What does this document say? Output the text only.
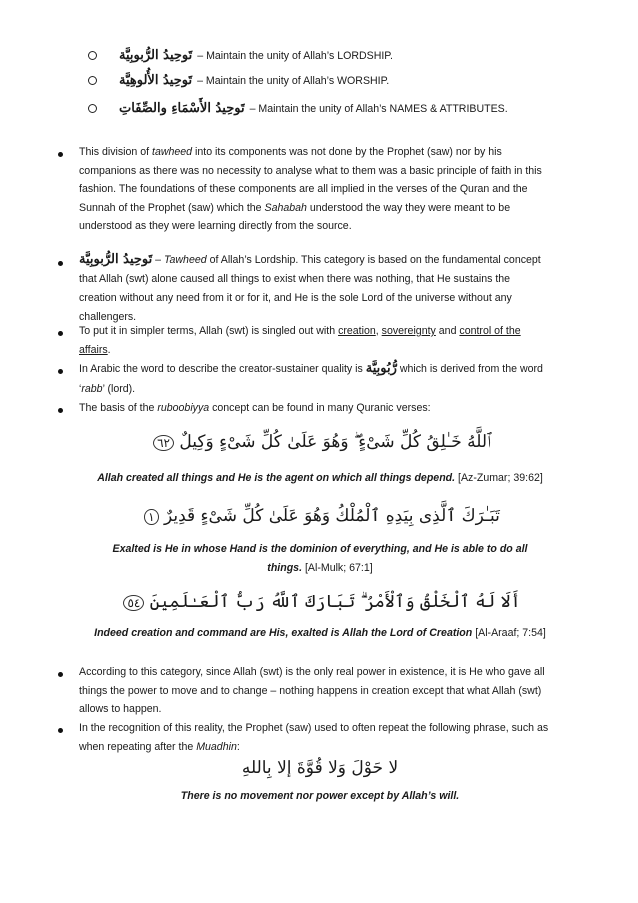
تَوحِيدُ الرُّبوبِيَّة – Maintain the unity of Allah’s LORDSHIP.
تَوحِيدُ الأُلوهِيَّة – Maintain the unity of Allah’s WORSHIP.
تَوحِيدُ الأَسْمَاءِ والصِّفَاتِ – Maintain the unity of Allah’s NAMES & ATTRIBUTES.
This division of tawheed into its components was not done by the Prophet (saw) nor by his companions as there was no necessity to analyse what to them was a basic principle of faith in this fashion. The foundations of these components are all implied in the verses of the Quran and the Sunnah of the Prophet (saw) which the Sahabah understood the way they were meant to be understood as they were learning directly from the source.
تَوحِيدُ الرُّبوبِيَّة – Tawheed of Allah’s Lordship. This category is based on the fundamental concept that Allah (swt) alone caused all things to exist when there was nothing, that He sustains the creation without any need from it or for it, and He is the sole Lord of the universe without any challengers.
To put it in simpler terms, Allah (swt) is singled out with creation, sovereignty and control of the affairs.
In Arabic the word to describe the creator-sustainer quality is رُّبُوبِيَّة which is derived from the word ‘rabb’ (lord).
The basis of the ruboobiyya concept can be found in many Quranic verses:
ٱللَّهُ خَـٰلِقُ كُلِّ شَىْءٍ ۖ وَهُوَ عَلَىٰ كُلِّ شَىْءٍ وَكِيلٌ ٦٢
Allah created all things and He is the agent on which all things depend. [Az-Zumar; 39:62]
تَبَـٰرَكَ ٱلَّذِى بِيَدِهِ ٱلْمُلْكُ وَهُوَ عَلَىٰ كُلِّ شَىْءٍ قَدِيرٌ ١
Exalted is He in whose Hand is the dominion of everything, and He is able to do all things. [Al-Mulk; 67:1]
أَلَا لَهُ ٱلْخَلْقُ وَٱلْأَمْرُ ۗ تَبَارَكَ ٱللَّهُ رَبُّ ٱلْعَـٰلَمِينَ ٥٤
Indeed creation and command are His, exalted is Allah the Lord of Creation [Al-Araaf; 7:54]
According to this category, since Allah (swt) is the only real power in existence, it is He who gave all things the power to move and to change – nothing happens in creation except that what Allah (swt) allows to happen.
In the recognition of this reality, the Prophet (saw) used to often repeat the following phrase, such as when repeating after the Muadhin:
لا حَوْلَ وَلا قُوَّةَ إلا بِاللهِ
There is no movement nor power except by Allah’s will.
